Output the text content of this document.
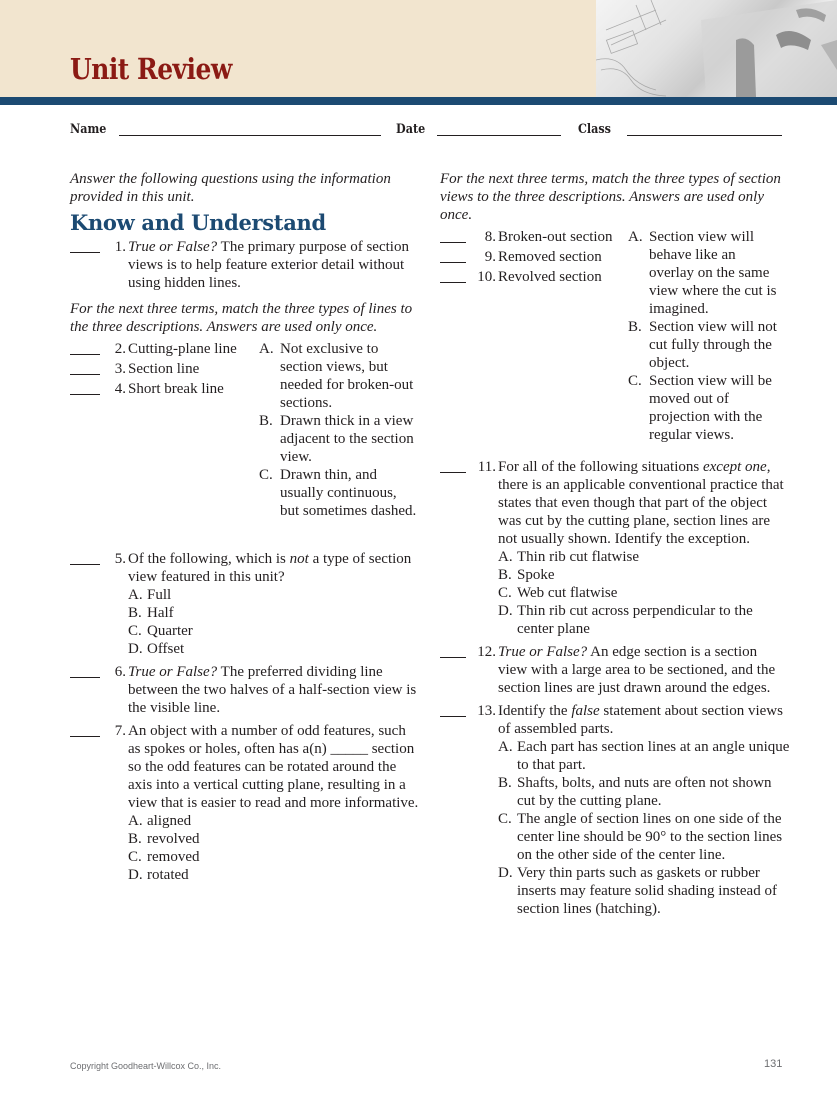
Unit Review
Name	Date	Class

Answer the following questions using the information provided in this unit.

Know and Understand
1. True or False? The primary purpose of section views is to help feature exterior detail without using hidden lines.

For the next three terms, match the three types of lines to the three descriptions. Answers are used only once.

2. Cutting-plane line
3. Section line
4. Short break line
A. Not exclusive to section views, but needed for broken-out sections.
B. Drawn thick in a view adjacent to the section view.
C. Drawn thin, and usually continuous, but sometimes dashed.
5. Of the following, which is not a type of section view featured in this unit?
A. Full
B. Half
C. Quarter
D. Offset
6. True or False? The preferred dividing line between the two halves of a half-section view is the visible line.
7. An object with a number of odd features, such as spokes or holes, often has a(n) _____ section so the odd features can be rotated around the axis into a vertical cutting plane, resulting in a view that is easier to read and more informative.
A. aligned
B. revolved
C. removed
D. rotated

For the next three terms, match the three types of section views to the three descriptions. Answers are used only once.

8. Broken-out section
9. Removed section
10. Revolved section
A. Section view will behave like an overlay on the same view where the cut is imagined.
B. Section view will not cut fully through the object.
C. Section view will be moved out of projection with the regular views.
11. For all of the following situations except one, there is an applicable conventional practice that states that even though that part of the object was cut by the cutting plane, section lines are not usually shown. Identify the exception.
A. Thin rib cut flatwise
B. Spoke
C. Web cut flatwise
D. Thin rib cut across perpendicular to the center plane
12. True or False? An edge section is a section view with a large area to be sectioned, and the section lines are just drawn around the edges.
13. Identify the false statement about section views of assembled parts.
A. Each part has section lines at an angle unique to that part.
B. Shafts, bolts, and nuts are often not shown cut by the cutting plane.
C. The angle of section lines on one side of the center line should be 90° to the section lines on the other side of the center line.
D. Very thin parts such as gaskets or rubber inserts may feature solid shading instead of section lines (hatching).
Copyright Goodheart-Willcox Co., Inc.	131
